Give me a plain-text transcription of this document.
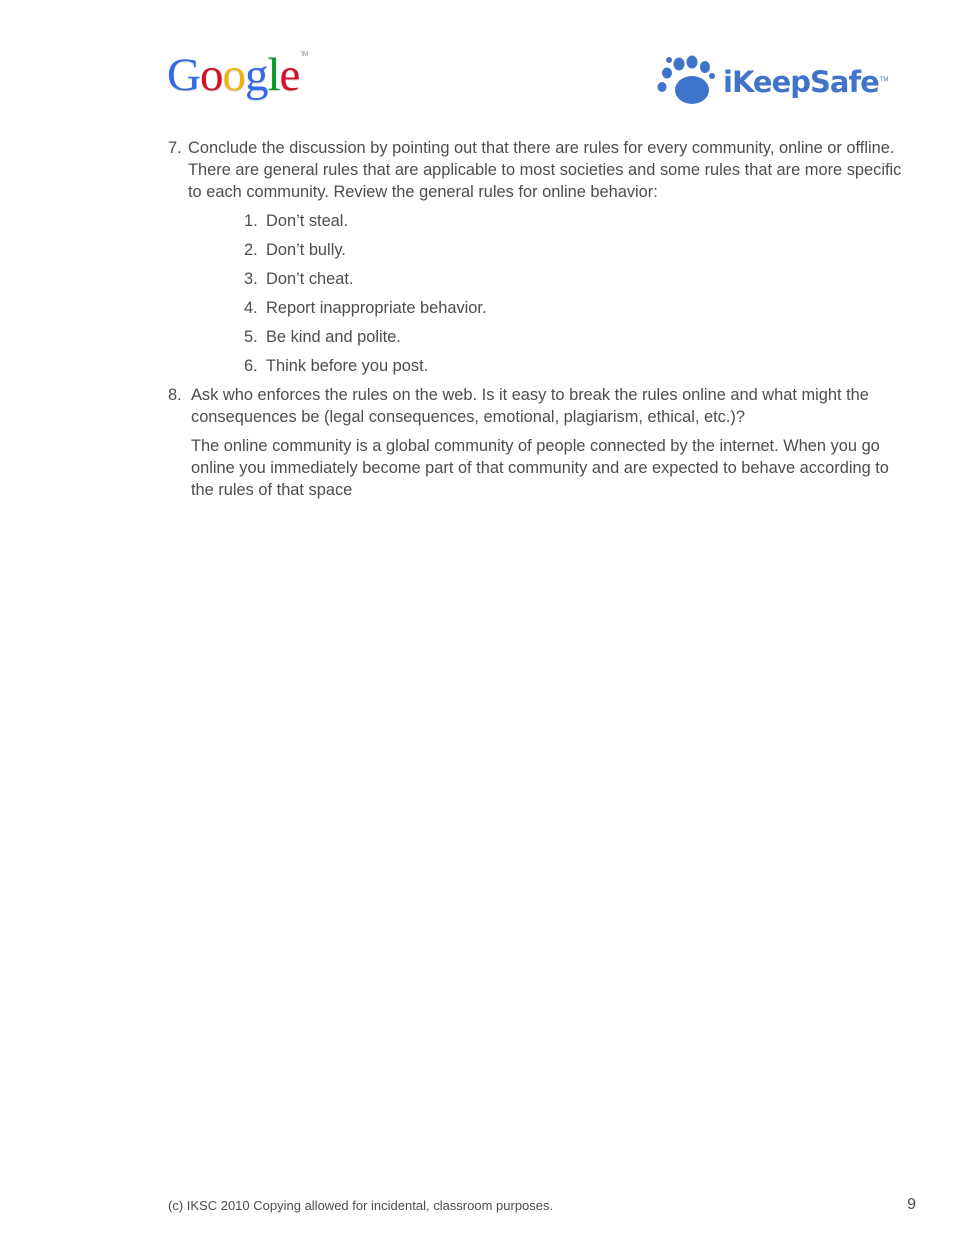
Google™
iKeepSafe TM
7. Conclude the discussion by pointing out that there are rules for every community, online or offline. There are general rules that are applicable to most societies and some rules that are more specific to each community. Review the general rules for online behavior:
1. Don’t steal.
2. Don’t bully.
3. Don’t cheat.
4. Report inappropriate behavior.
5. Be kind and polite.
6. Think before you post.
8. Ask who enforces the rules on the web. Is it easy to break the rules online and what might the consequences be (legal consequences, emotional, plagiarism, ethical, etc.)?
The online community is a global community of people connected by the internet. When you go online you immediately become part of that community and are expected to behave according to the rules of that space
(c) IKSC 2010 Copying allowed for incidental, classroom purposes.	9
